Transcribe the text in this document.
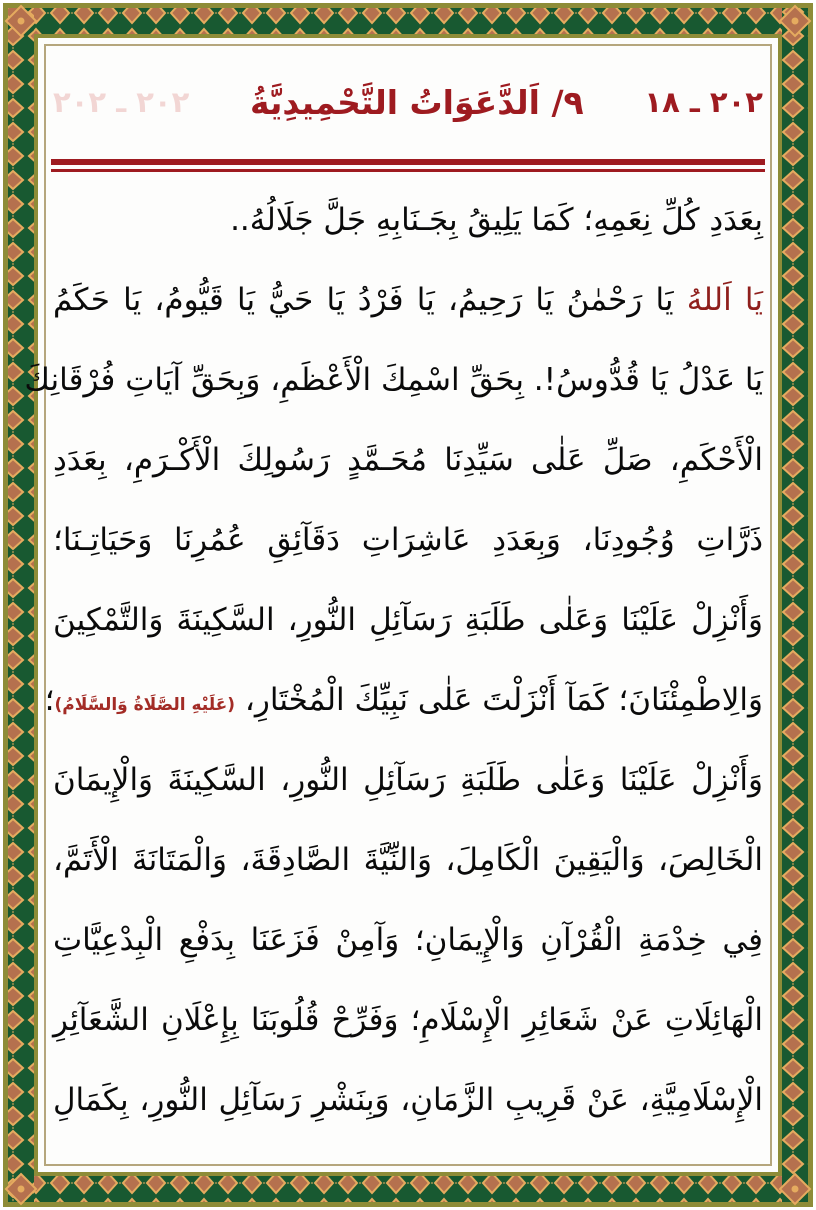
٢٠٢ ـ ١٨
٩/ اَلدَّعَوَاتُ التَّحْمِيدِيَّةُ
٢٠٢ ـ ٢٠٢
بِعَدَدِ كُلِّ نِعَمِهِ؛ كَمَا يَلِيقُ بِجَـنَابِهِ جَلَّ جَلَالُهُ..
يَا اَللهُ يَا رَحْمٰنُ يَا رَحِيمُ، يَا فَرْدُ يَا حَيُّ يَا قَيُّومُ، يَا حَكَمُ
يَا عَدْلُ يَا قُدُّوسُ!. بِحَقِّ اسْمِكَ الْأَعْظَمِ، وَبِحَقِّ آيَاتِ فُرْقَانِكَ
الْأَحْكَمِ، صَلِّ عَلٰى سَيِّدِنَا مُحَـمَّدٍ رَسُولِكَ الْأَكْـرَمِ، بِعَدَدِ
ذَرَّاتِ وُجُودِنَا، وَبِعَدَدِ عَاشِرَاتِ دَقَآئِقِ عُمُرِنَا وَحَيَاتِـنَا؛
وَأَنْزِلْ عَلَيْنَا وَعَلٰى طَلَبَةِ رَسَآئِلِ النُّورِ، السَّكِينَةَ وَالتَّمْكِينَ
وَالِاطْمِئْنَانَ؛ كَمَآ أَنْزَلْتَ عَلٰى نَبِيِّكَ الْمُخْتَارِ، (عَلَيْهِ الصَّلَاةُ وَالسَّلَامُ)؛
وَأَنْزِلْ عَلَيْنَا وَعَلٰى طَلَبَةِ رَسَآئِلِ النُّورِ، السَّكِينَةَ وَالْإِيمَانَ
الْخَالِصَ، وَالْيَقِينَ الْكَامِلَ، وَالنِّيَّةَ الصَّادِقَةَ، وَالْمَتَانَةَ الْأَتَمَّ،
فِي خِدْمَةِ الْقُرْآنِ وَالْإِيمَانِ؛ وَآمِنْ فَزَعَنَا بِدَفْعِ الْبِدْعِيَّاتِ
الْهَائِلَاتِ عَنْ شَعَائِرِ الْإِسْلَامِ؛ وَفَرِّحْ قُلُوبَنَا بِإِعْلَانِ الشَّعَآئِرِ
الْإِسْلَامِيَّةِ، عَنْ قَرِيبِ الزَّمَانِ، وَبِنَشْرِ رَسَآئِلِ النُّورِ، بِكَمَالِ
